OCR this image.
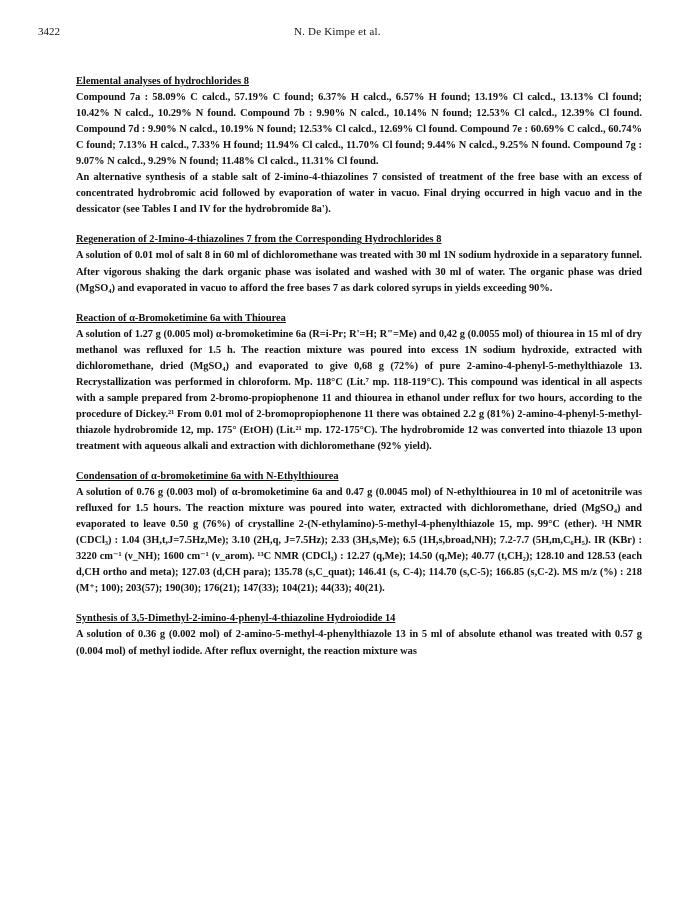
3422	N. De Kimpe et al.
Elemental analyses of hydrochlorides 8
Compound 7a : 58.09% C calcd., 57.19% C found; 6.37% H calcd., 6.57% H found; 13.19% Cl calcd., 13.13% Cl found; 10.42% N calcd., 10.29% N found. Compound 7b : 9.90% N calcd., 10.14% N found; 12.53% Cl calcd., 12.39% Cl found. Compound 7d : 9.90% N calcd., 10.19% N found; 12.53% Cl calcd., 12.69% Cl found. Compound 7e : 60.69% C calcd., 60.74% C found; 7.13% H calcd., 7.33% H found; 11.94% Cl calcd., 11.70% Cl found; 9.44% N calcd., 9.25% N found. Compound 7g : 9.07% N calcd., 9.29% N found; 11.48% Cl calcd., 11.31% Cl found.
An alternative synthesis of a stable salt of 2-imino-4-thiazolines 7 consisted of treatment of the free base with an excess of concentrated hydrobromic acid followed by evaporation of water in vacuo. Final drying occurred in high vacuo and in the dessicator (see Tables I and IV for the hydrobromide 8a').
Regeneration of 2-Imino-4-thiazolines 7 from the Corresponding Hydrochlorides 8
A solution of 0.01 mol of salt 8 in 60 ml of dichloromethane was treated with 30 ml 1N sodium hydroxide in a separatory funnel. After vigorous shaking the dark organic phase was isolated and washed with 30 ml of water. The organic phase was dried (MgSO₄) and evaporated in vacuo to afford the free bases 7 as dark colored syrups in yields exceeding 90%.
Reaction of α-Bromoketimine 6a with Thiourea
A solution of 1.27 g (0.005 mol) α-bromoketimine 6a (R=i-Pr; R'=H; R"=Me) and 0,42 g (0.0055 mol) of thiourea in 15 ml of dry methanol was refluxed for 1.5 h. The reaction mixture was poured into excess 1N sodium hydroxide, extracted with dichloromethane, dried (MgSO₄) and evaporated to give 0,68 g (72%) of pure 2-amino-4-phenyl-5-methylthiazole 13. Recrystallization was performed in chloroform. Mp. 118°C (Lit.⁷ mp. 118-119°C). This compound was identical in all aspects with a sample prepared from 2-bromo-propiophenone 11 and thiourea in ethanol under reflux for two hours, according to the procedure of Dickey.²¹ From 0.01 mol of 2-bromopropiophenone 11 there was obtained 2.2 g (81%) 2-amino-4-phenyl-5-methyl-thiazole hydrobromide 12, mp. 175° (EtOH) (Lit.²¹ mp. 172-175°C). The hydrobromide 12 was converted into thiazole 13 upon treatment with aqueous alkali and extraction with dichloromethane (92% yield).
Condensation of α-bromoketimine 6a with N-Ethylthiourea
A solution of 0.76 g (0.003 mol) of α-bromoketimine 6a and 0.47 g (0.0045 mol) of N-ethylthiourea in 10 ml of acetonitrile was refluxed for 1.5 hours. The reaction mixture was poured into water, extracted with dichloromethane, dried (MgSO₄) and evaporated to leave 0.50 g (76%) of crystalline 2-(N-ethylamino)-5-methyl-4-phenylthiazole 15, mp. 99°C (ether). ¹H NMR (CDCl₃) : 1.04 (3H,t,J=7.5Hz,Me); 3.10 (2H,q, J=7.5Hz); 2.33 (3H,s,Me); 6.5 (1H,s,broad,NH); 7.2-7.7 (5H,m,C₆H₅). IR (KBr) : 3220 cm⁻¹ (ν_NH); 1600 cm⁻¹ (ν_arom). ¹³C NMR (CDCl₃) : 12.27 (q,Me); 14.50 (q,Me); 40.77 (t,CH₂); 128.10 and 128.53 (each d,CH ortho and meta); 127.03 (d,CH para); 135.78 (s,C_quat); 146.41 (s, C-4); 114.70 (s,C-5); 166.85 (s,C-2). MS m/z (%) : 218 (M⁺; 100); 203(57); 190(30); 176(21); 147(33); 104(21); 44(33); 40(21).
Synthesis of 3,5-Dimethyl-2-imino-4-phenyl-4-thiazoline Hydroiodide 14
A solution of 0.36 g (0.002 mol) of 2-amino-5-methyl-4-phenylthiazole 13 in 5 ml of absolute ethanol was treated with 0.57 g (0.004 mol) of methyl iodide. After reflux overnight, the reaction mixture was
